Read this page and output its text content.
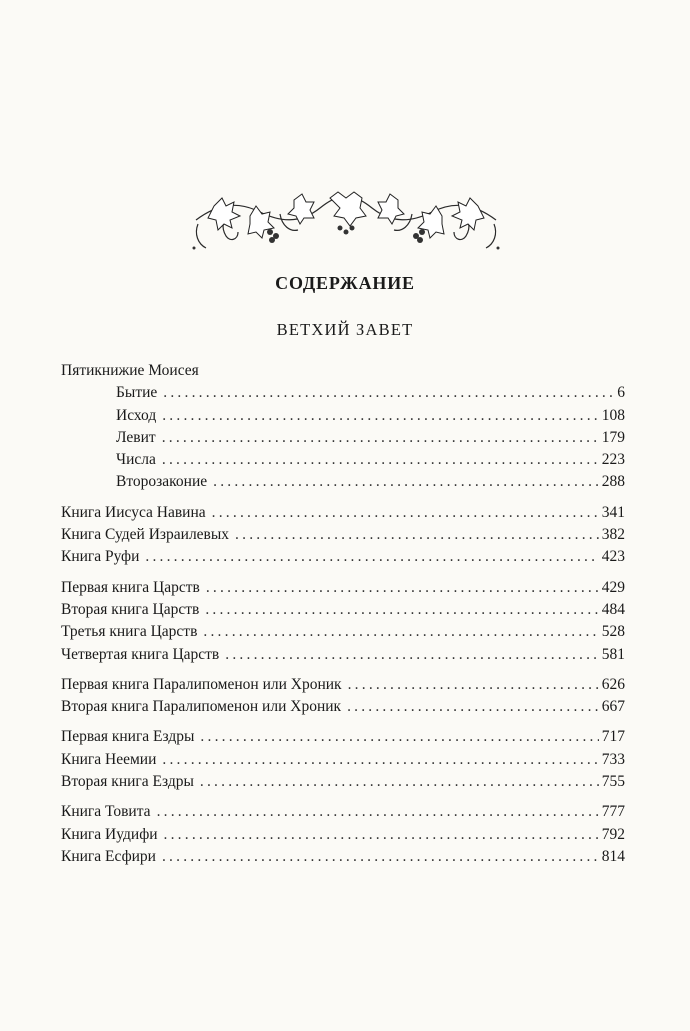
СОДЕРЖАНИЕ
ВЕТХИЙ ЗАВЕТ
Пятикнижие Моисея
Бытие .....	6
Исход .....	108
Левит .....	179
Числа .....	223
Второзаконие .....	288
Книга Иисуса Навина .....	341
Книга Судей Израилевых .....	382
Книга Руфи .....	423
Первая книга Царств .....	429
Вторая книга Царств .....	484
Третья книга Царств .....	528
Четвертая книга Царств .....	581
Первая книга Паралипоменон или Хроник .....	626
Вторая книга Паралипоменон или Хроник .....	667
Первая книга Ездры .....	717
Книга Неемии .....	733
Вторая книга Ездры .....	755
Книга Товита .....	777
Книга Иудифи .....	792
Книга Есфири .....	814
